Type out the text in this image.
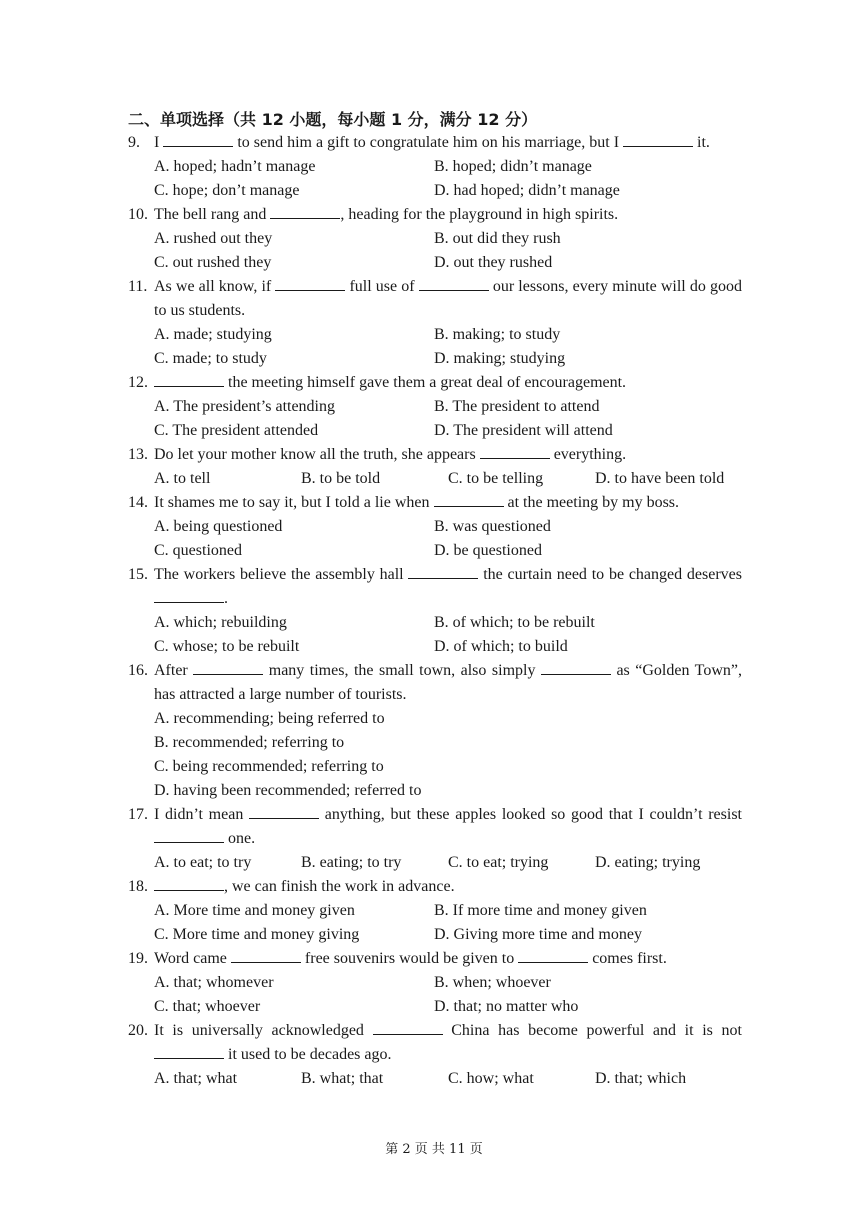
二、单项选择（共 12 小题，每小题 1 分，满分 12 分）
9. I	to send him a gift to congratulate him on his marriage, but I	it.
A. hoped; hadn’t manage	B. hoped; didn’t manage
C. hope; don’t manage	D. had hoped; didn’t manage
10. The bell rang and	, heading for the playground in high spirits.
A. rushed out they	B. out did they rush
C. out rushed they	D. out they rushed
11. As we all know, if	full use of	our lessons, every minute will do good to us students.
A. made; studying	B. making; to study
C. made; to study	D. making; studying
12.	the meeting himself gave them a great deal of encouragement.
A. The president’s attending	B. The president to attend
C. The president attended	D. The president will attend
13. Do let your mother know all the truth, she appears	everything.
A. to tell	B. to be told	C. to be telling	D. to have been told
14. It shames me to say it, but I told a lie when	at the meeting by my boss.
A. being questioned	B. was questioned
C. questioned	D. be questioned
15. The workers believe the assembly hall	the curtain need to be changed deserves .
A. which; rebuilding	B. of which; to be rebuilt
C. whose; to be rebuilt	D. of which; to build
16. After	many times, the small town, also simply	as “Golden Town”, has attracted a large number of tourists.
A. recommending; being referred to
B. recommended; referring to
C. being recommended; referring to
D. having been recommended; referred to
17. I didn’t mean	anything, but these apples looked so good that I couldn’t resist  one.
A. to eat; to try	B. eating; to try	C. to eat; trying	D. eating; trying
18.	, we can finish the work in advance.
A. More time and money given	B. If more time and money given
C. More time and money giving	D. Giving more time and money
19. Word came	free souvenirs would be given to	comes first.
A. that; whomever	B. when; whoever
C. that; whoever	D. that; no matter who
20. It is universally acknowledged	China has become powerful and it is not  it used to be decades ago.
A. that; what	B. what; that	C. how; what	D. that; which
第 2 页 共 11 页
